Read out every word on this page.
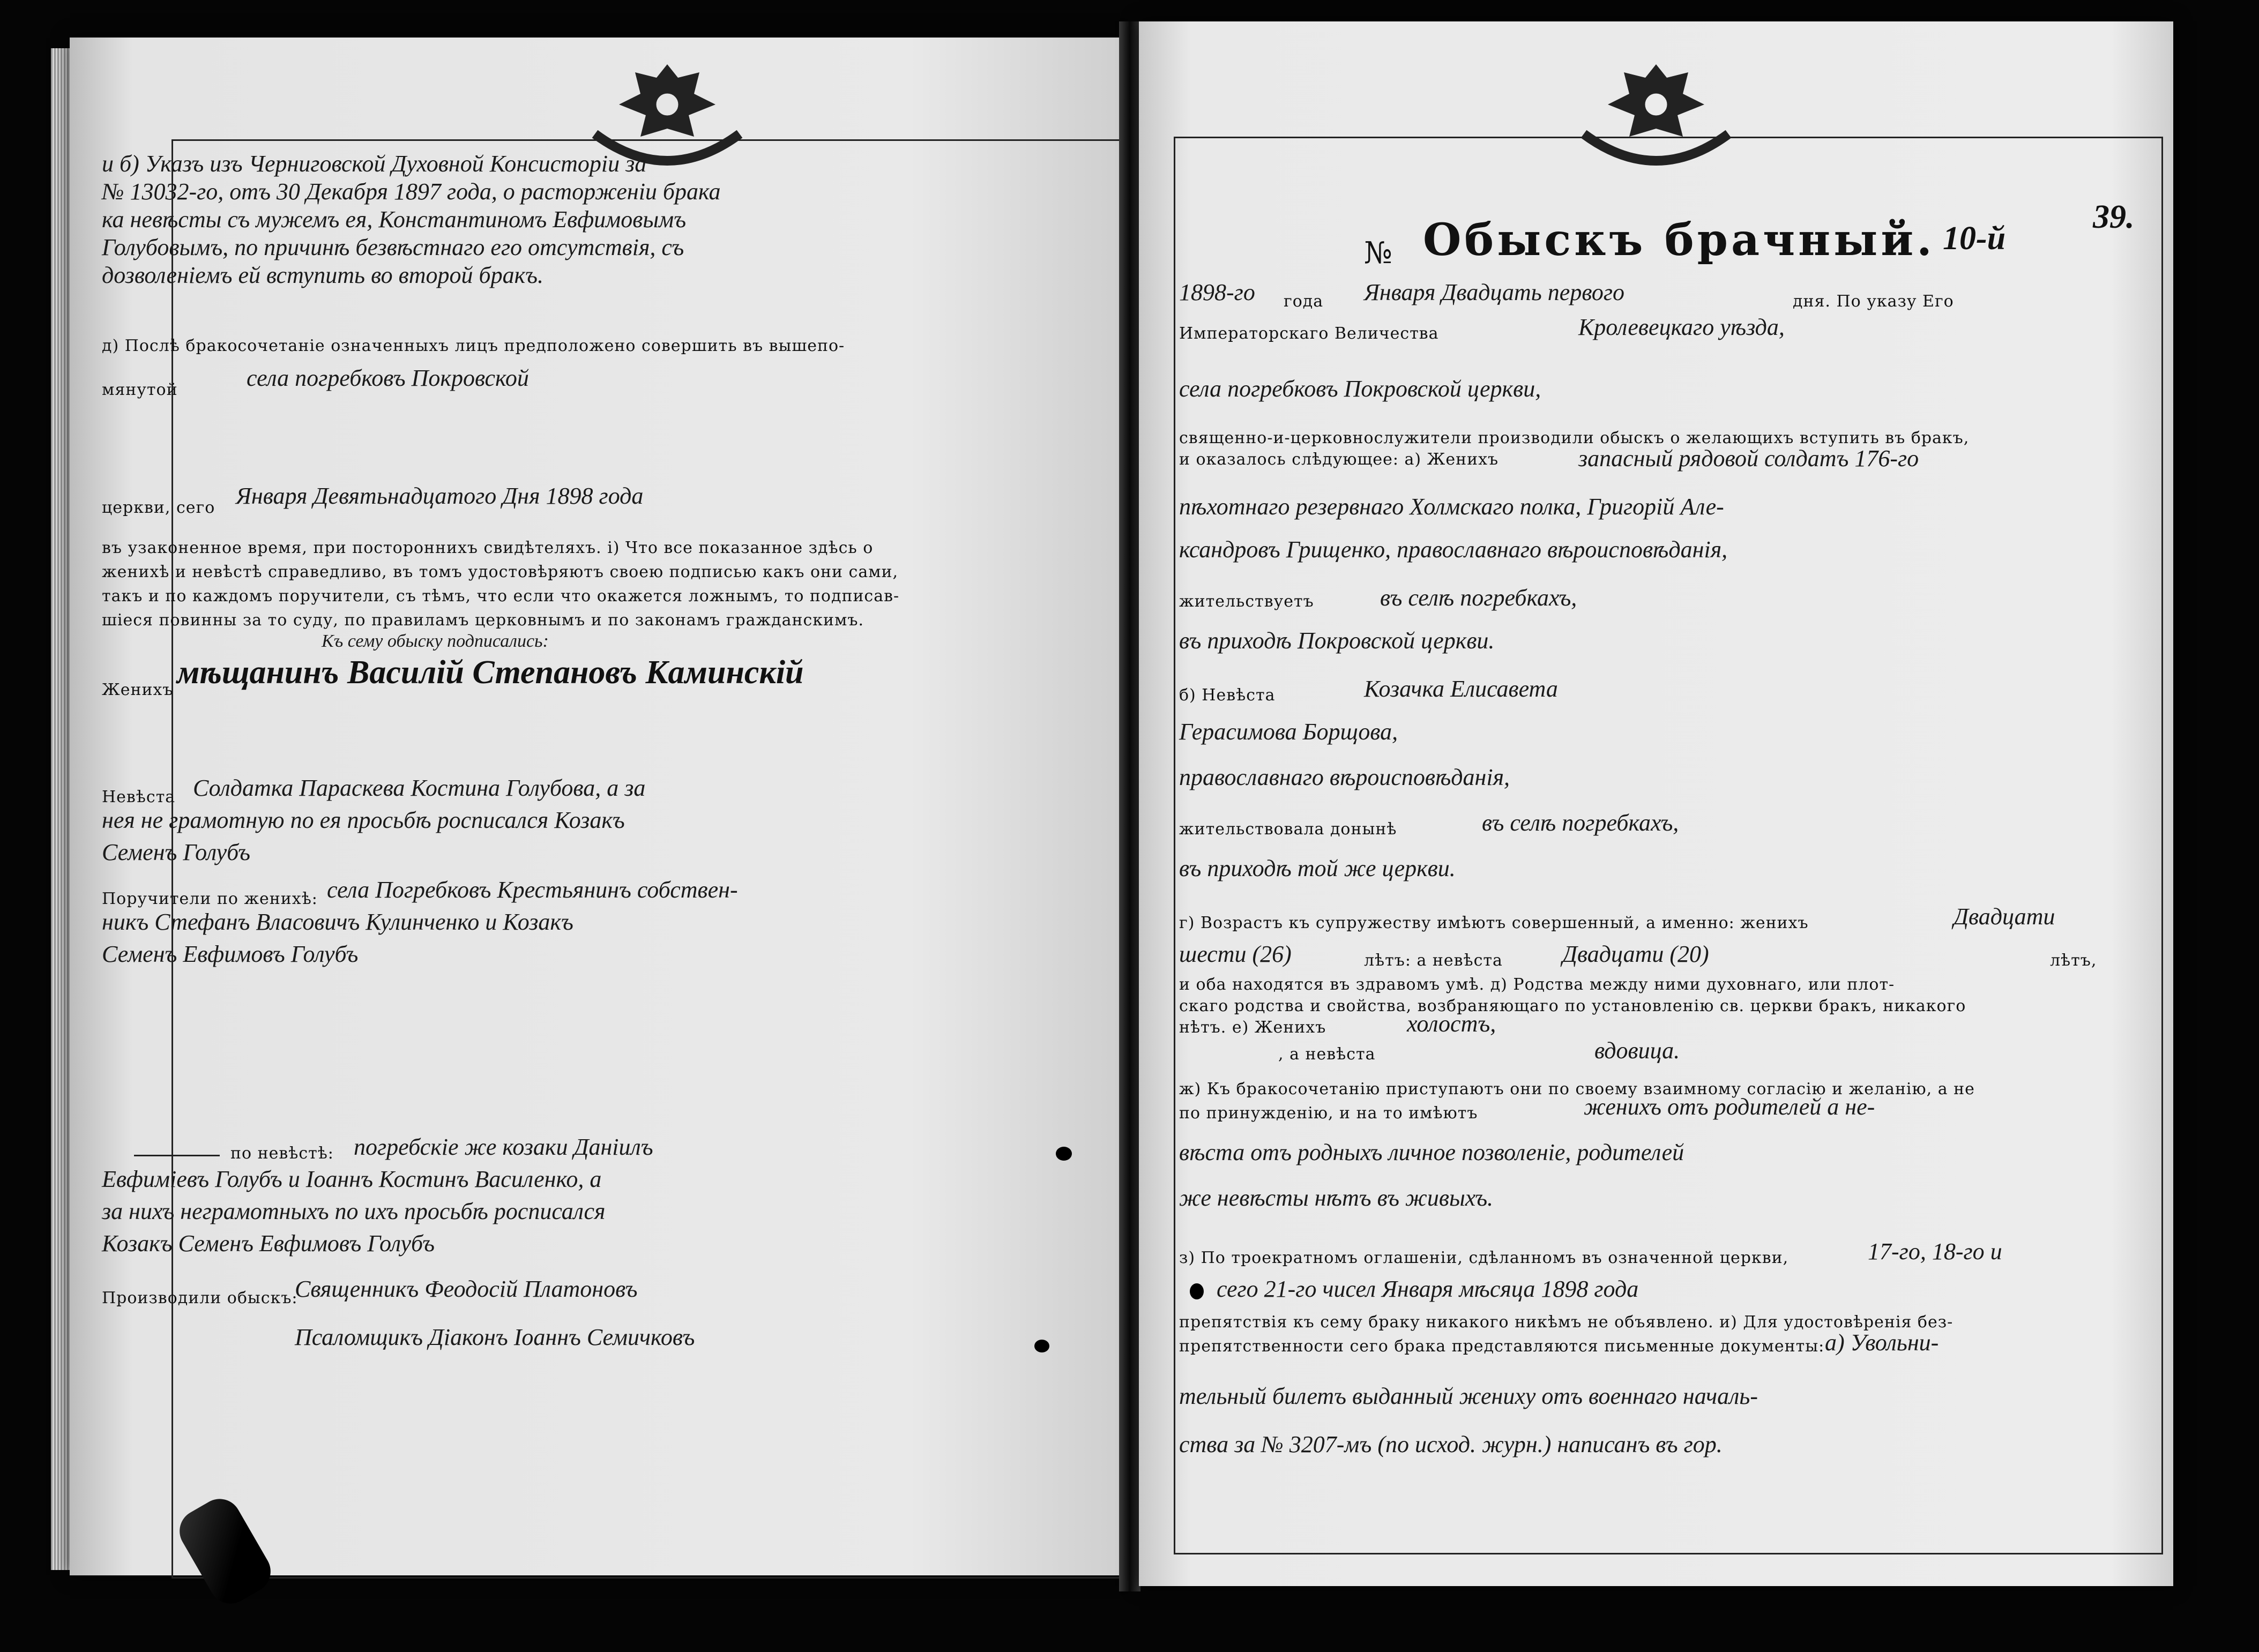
и б) Указъ изъ Черниговской Духовной Консисторіи за
№ 13032-го, отъ 30 Декабря 1897 года, о расторженіи брака
ка невѣсты съ мужемъ ея, Константиномъ Евфимовымъ
Голубовымъ, по причинѣ безвѣстнаго его отсутствія, съ
дозволеніемъ ей вступить во второй бракъ.
д) Послѣ бракосочетаніе означенныхъ лицъ предположено совершить въ вышепо-
мянутой	села погребковъ Покровской
церкви, сего Января Девятьнадцатого Дня 1898 года
въ узаконенное время, при постороннихъ свидѣтеляхъ. і) Что все показанное здѣсь о
женихѣ и невѣстѣ справедливо, въ томъ удостовѣряютъ своею подписью какъ они сами,
такъ и по каждомъ поручители, съ тѣмъ, что если что окажется ложнымъ, то подписав-
шіеся повинны за то суду, по правиламъ церковнымъ и по законамъ гражданскимъ.
Къ сему обыску подписались:
Женихъ мѣщанинъ Василій Степановъ Каминскій
Невѣста Солдатка Параскева Костина Голубова, а за
нея не грамотную по ея просьбѣ росписался Козакъ
Семенъ Голубъ
Поручители по женихѣ: села Погребковъ Крестьянинъ собствен-
никъ Стефанъ Власовичъ Кулинченко и Козакъ
Семенъ Евфимовъ Голубъ
по невѣстѣ: погребскіе же козаки Даніилъ
Евфиміевъ Голубъ и Іоаннъ Костинъ Василенко, а
за нихъ неграмотныхъ по ихъ просьбѣ росписался
Козакъ Семенъ Евфимовъ Голубъ
Производили обыскъ:
Священникъ Феодосій Платоновъ
Псаломщикъ Діаконъ Іоаннъ Семичковъ
39.
№ Обыскъ брачный. 10-й
1898-го года Января Двадцать первого	дня. По указу Его
Императорскаго Величества	Кролевецкаго уѣзда,
села погребковъ Покровской церкви,
священно-и-церковнослужители производили обыскъ о желающихъ вступить въ бракъ,
и оказалось слѣдующее: а) Женихъ	запасный рядовой солдатъ 176-го
пѣхотнаго резервнаго Холмскаго полка, Григорій Але-
ксандровъ Грищенко, православнаго вѣроисповѣданія,
жительствуетъ	въ селѣ погребкахъ,
въ приходѣ Покровской церкви.
б) Невѣста	Козачка Елисавета
Герасимова Борщова,
православнаго вѣроисповѣданія,
жительствовала донынѣ	въ селѣ погребкахъ,
въ приходѣ той же церкви.
г) Возрастъ къ супружеству имѣютъ совершенный, а именно: женихъ	Двадцати
шести (26)	лѣтъ: а невѣста	Двадцати (20)	лѣтъ,
и оба находятся въ здравомъ умѣ. д) Родства между ними духовнаго, или плот-
скаго родства и свойства, возбраняющаго по установленію св. церкви бракъ, никакого
нѣтъ. е) Женихъ	холостъ,
, а невѣста	вдовица.
ж) Къ бракосочетанію приступаютъ они по своему взаимному согласію и желанію, а не
по принужденію, и на то имѣютъ	женихъ отъ родителей а не-
вѣста отъ родныхъ личное позволеніе, родителей
же невѣсты нѣтъ въ живыхъ.
з) По троекратномъ оглашеніи, сдѣланномъ въ означенной церкви,	17-го, 18-го и
сего 21-го чисел Января мѣсяца 1898 года
препятствія къ сему браку никакого никѣмъ не объявлено. и) Для удостовѣренія без-
препятственности сего брака представляются письменные документы: а) Увольни-
тельный билетъ выданный жениху отъ военнаго началь-
ства за № 3207-мъ (по исход. журн.) написанъ въ гор.
